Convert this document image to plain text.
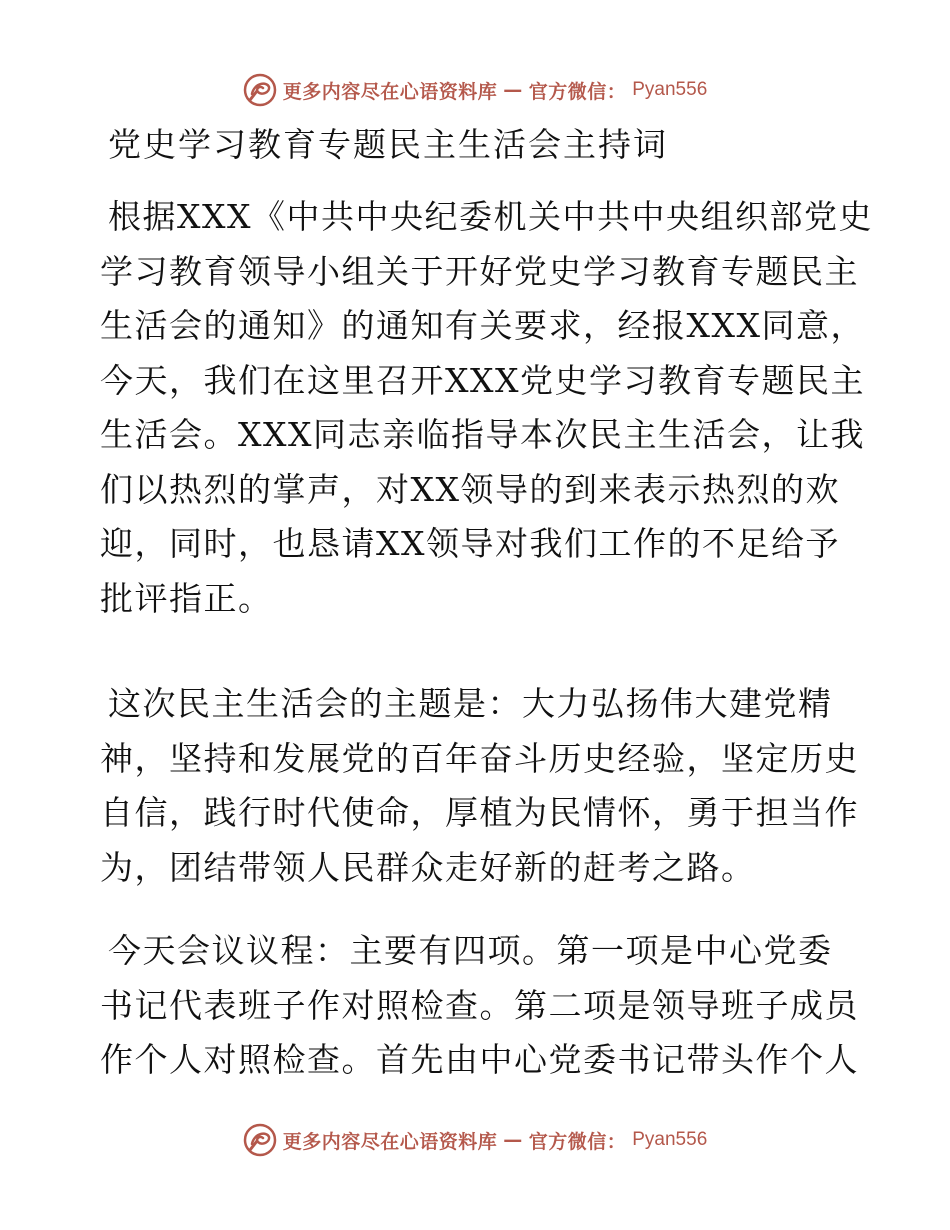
更多内容尽在心语资料库 — 官方微信： Pyan556
党史学习教育专题民主生活会主持词

根据XXX《中共中央纪委机关中共中央组织部党史
学习教育领导小组关于开好党史学习教育专题民主
生活会的通知》的通知有关要求，经报XXX同意，
今天，我们在这里召开XXX党史学习教育专题民主
生活会。XXX同志亲临指导本次民主生活会，让我
们以热烈的掌声，对XX领导的到来表示热烈的欢
迎，同时，也恳请XX领导对我们工作的不足给予
批评指正。

这次民主生活会的主题是：大力弘扬伟大建党精
神，坚持和发展党的百年奋斗历史经验，坚定历史
自信，践行时代使命，厚植为民情怀，勇于担当作
为，团结带领人民群众走好新的赶考之路。

今天会议议程：主要有四项。第一项是中心党委
书记代表班子作对照检查。第二项是领导班子成员
作个人对照检查。首先由中心党委书记带头作个人

更多内容尽在心语资料库 — 官方微信： Pyan556
